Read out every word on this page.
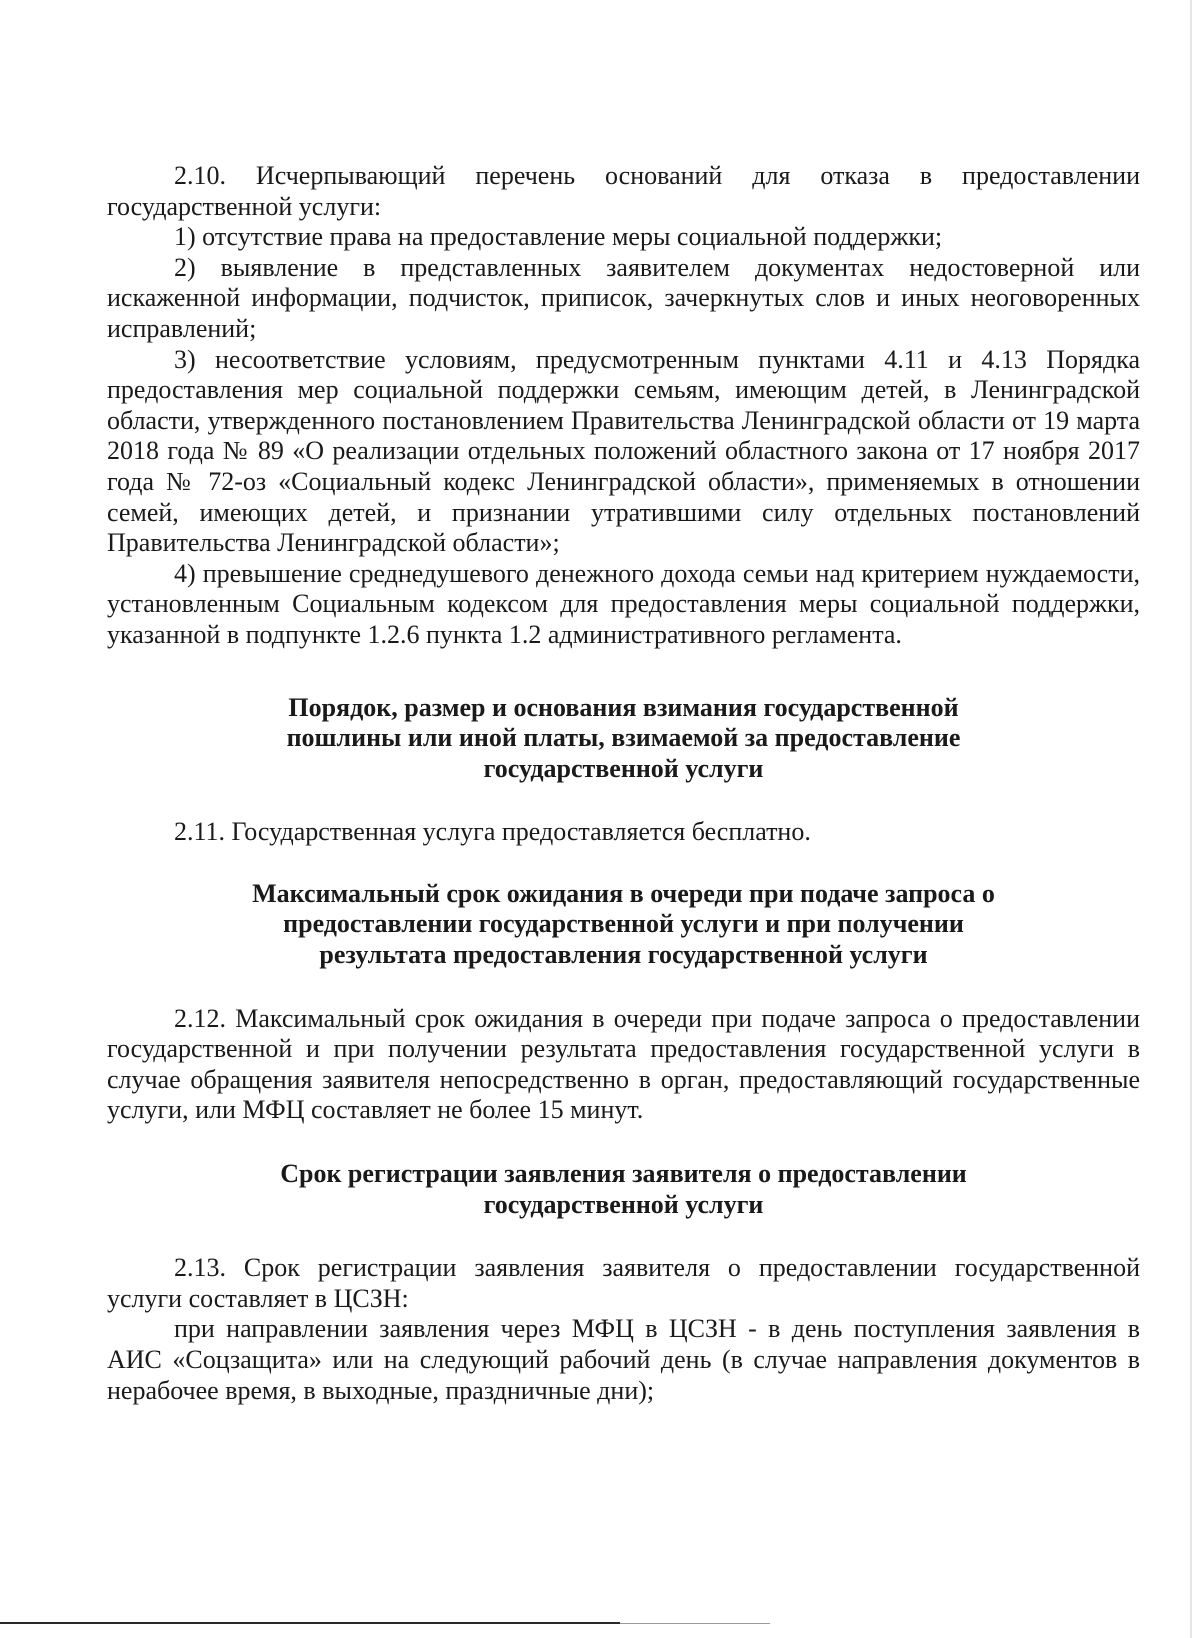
2.10. Исчерпывающий перечень оснований для отказа в предоставлении государственной услуги:

1) отсутствие права на предоставление меры социальной поддержки;

2) выявление в представленных заявителем документах недостоверной или искаженной информации, подчисток, приписок, зачеркнутых слов и иных неоговоренных исправлений;

3) несоответствие условиям, предусмотренным пунктами 4.11 и 4.13 Порядка предоставления мер социальной поддержки семьям, имеющим детей, в Ленинградской области, утвержденного постановлением Правительства Ленинградской области от 19 марта 2018 года № 89 «О реализации отдельных положений областного закона от 17 ноября 2017 года № 72-оз «Социальный кодекс Ленинградской области», применяемых в отношении семей, имеющих детей, и признании утратившими силу отдельных постановлений Правительства Ленинградской области»;

4) превышение среднедушевого денежного дохода семьи над критерием нуждаемости, установленным Социальным кодексом для предоставления меры социальной поддержки, указанной в подпункте 1.2.6 пункта 1.2 административного регламента.

Порядок, размер и основания взимания государственной пошлины или иной платы, взимаемой за предоставление государственной услуги

2.11. Государственная услуга предоставляется бесплатно.

Максимальный срок ожидания в очереди при подаче запроса о предоставлении государственной услуги и при получении результата предоставления государственной услуги

2.12. Максимальный срок ожидания в очереди при подаче запроса о предоставлении государственной и при получении результата предоставления государственной услуги в случае обращения заявителя непосредственно в орган, предоставляющий государственные услуги, или МФЦ составляет не более 15 минут.

Срок регистрации заявления заявителя о предоставлении государственной услуги

2.13. Срок регистрации заявления заявителя о предоставлении государственной услуги составляет в ЦСЗН:

при направлении заявления через МФЦ в ЦСЗН - в день поступления заявления в АИС «Соцзащита» или на следующий рабочий день (в случае направления документов в нерабочее время, в выходные, праздничные дни);
